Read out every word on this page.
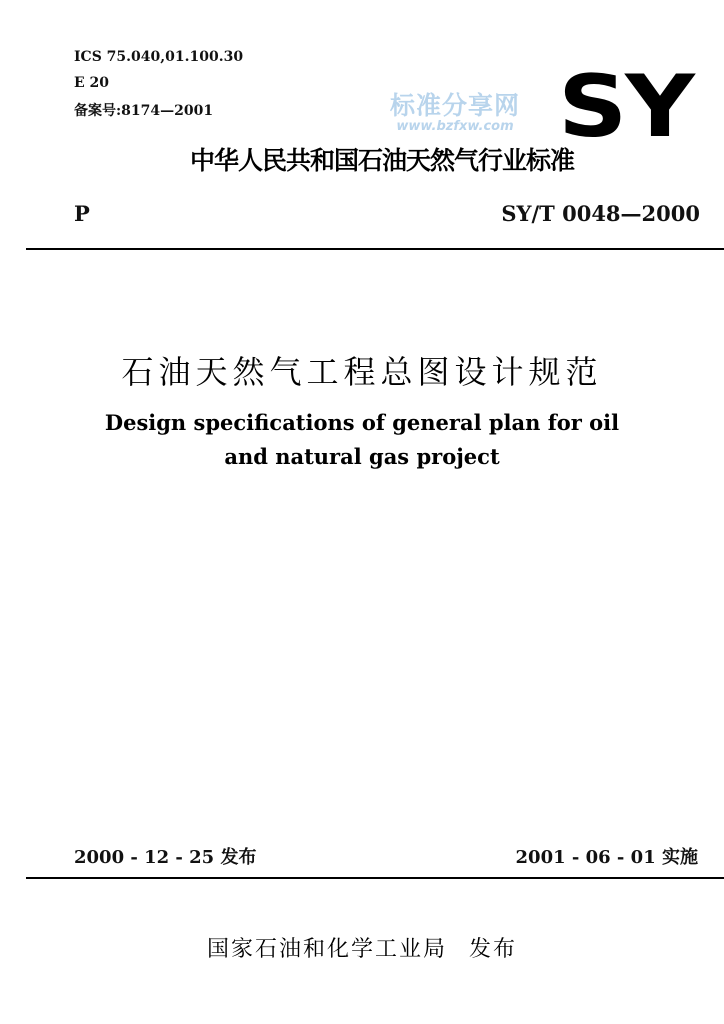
ICS 75.040,01.100.30
E 20
备案号:8174—2001	标准分享网
www.bzfxw.com SY
中华人民共和国石油天然气行业标准
P	SY/T 0048—2000
石油天然气工程总图设计规范
Design specifications of general plan for oil
and natural gas project
2000 - 12 - 25 发布	2001 - 06 - 01 实施
国家石油和化学工业局 发布
